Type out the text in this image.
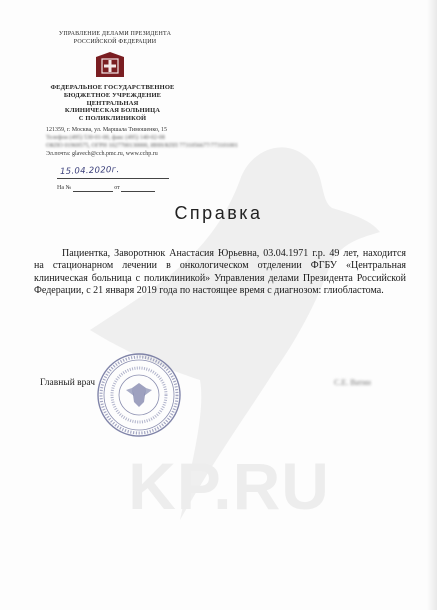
УПРАВЛЕНИЕ ДЕЛАМИ ПРЕЗИДЕНТА
РОССИЙСКОЙ ФЕДЕРАЦИИ
ФЕДЕРАЛЬНОЕ ГОСУДАРСТВЕННОЕ
БЮДЖЕТНОЕ УЧРЕЖДЕНИЕ
ЦЕНТРАЛЬНАЯ
КЛИНИЧЕСКАЯ БОЛЬНИЦА
С ПОЛИКЛИНИКОЙ
121359, г. Москва, ул. Маршала Тимошенко, 15
Телефон (495) 530-01-00, факс (495) 140-02-08
ОКПО 01969575, ОГРН 1027700130000, ИНН/КПП 7731056677/773101001
Эл.почта: glavech@cch.pmc.ru, www.cchp.ru
15.04.2020г.
На №	от
Справка
Пациентка, Заворотнюк Анастасия Юрьевна, 03.04.1971 г.р. 49 лет, находится на стационарном лечении в онкологическом отделении ФГБУ «Центральная клиническая больница с поликлиникой» Управления делами Президента Российской Федерации, с 21 января 2019 года по настоящее время с диагнозом: глиобластома.
KP.RU
Главный врач	С.Е. Ватин
